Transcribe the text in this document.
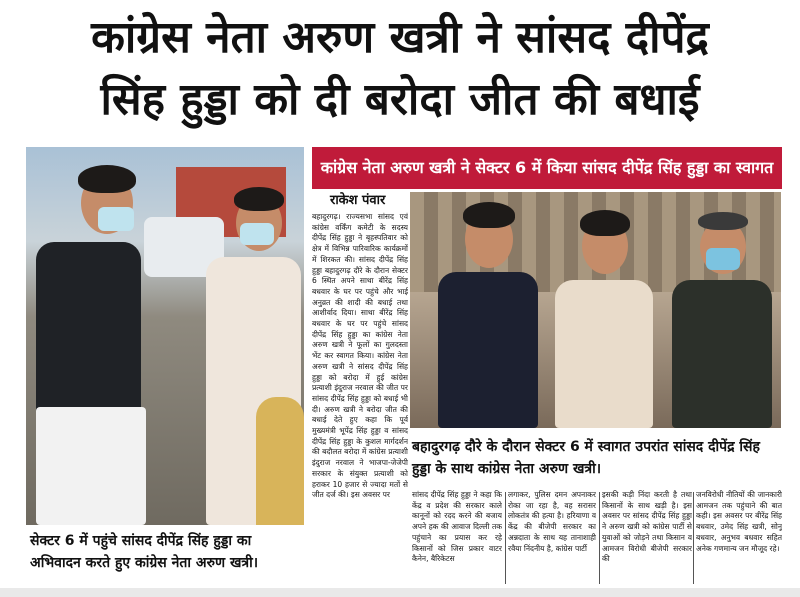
कांग्रेस नेता अरुण खत्री ने सांसद दीपेंद्र
सिंह हुड्डा को दी बरोदा जीत की बधाई
कांग्रेस नेता अरुण खत्री ने सेक्टर 6 में किया सांसद दीपेंद्र सिंह हुड्डा का स्वागत
राकेश पंवार
बहादुरगढ़। राज्यसभा सांसद एवं कांग्रेस वर्किंग कमेटी के सदस्य दीपेंद्र सिंह हुड्डा ने बृहस्पतिवार को क्षेत्र में विभिन्न पारिवारिक कार्यक्रमों में शिरकत की। सांसद दीपेंद्र सिंह हुड्डा बहादुरगढ़ दौरे के दौरान सेक्टर 6 स्थित अपने साथा बीरेंद्र सिंह बधवार के घर पर पहुंचे और भाई अनुव्रत की शादी की बधाई तथा आशीर्वाद दिया। साथा बीरेंद्र सिंह बधवार के घर पर पहुंचे सांसद दीपेंद्र सिंह हुड्डा का कांग्रेस नेता अरुण खत्री ने फूलों का गुलदस्ता भेंट कर स्वागत किया। कांग्रेस नेता अरुण खत्री ने सांसद दीपेंद्र सिंह हुड्डा को बरोदा में हुई कांग्रेस प्रत्याशी इंदुराज नरवाल की जीत पर सांसद दीपेंद्र सिंह हुड्डा को बधाई भी दी। अरुण खत्री ने बरोदा जीत की बधाई देते हुए कहा कि पूर्व मुख्यमंत्री भूपेंद्र सिंह हुड्डा व सांसद दीपेंद्र सिंह हुड्डा के कुशल मार्गदर्शन की बदौलत बरोदा में कांग्रेस प्रत्याशी इंदुराज नरवाल ने भाजपा-जेजेपी सरकार के संयुक्त प्रत्याशी को हराकर 10 हजार से ज्यादा मतों से जीत दर्ज की। इस अवसर पर
सेक्टर 6 में पहुंचे सांसद दीपेंद्र सिंह हुड्डा का अभिवादन करते हुए कांग्रेस नेता अरुण खत्री।
बहादुरगढ़ दौरे के दौरान सेक्टर 6 में स्वागत उपरांत सांसद दीपेंद्र सिंह हुड्डा के साथ कांग्रेस नेता अरुण खत्री।
सांसद दीपेंद्र सिंह हुड्डा ने कहा कि केंद्र व प्रदेश की सरकार काले कानूनों को रदद करने की बजाय अपने हक की आवाज दिल्ली तक पहुंचाने का प्रयास कर रहे किसानों को जिस प्रकार वाटर कैनेन, बैरिकेटस
लगाकर, पुलिस दमन अपनाकर रोका जा रहा है, वह सरासर लोकतंत्र की हत्या है। हरियाणा व केंद्र की बीजेपी सरकार का अन्नदाता के साथ यह तानाशाही रवैया निंदनीय है, कांग्रेस पार्टी
इसकी कड़ी निंदा करती है तथा किसानों के साथ खड़ी है। इस अवसर पर सांसद दीपेंद्र सिंह हुड्डा ने अरुण खत्री को कांग्रेस पार्टी से युवाओं को जोड़ने तथा किसान व आमजन विरोधी बीजेपी सरकार की
जनविरोधी नीतियों की जानकारी आमजन तक पहुंचाने की बात कही। इस अवसर पर बीरेंद्र सिंह बधवार, उमेद सिंह खत्री, सोनू बधवार, अनुभव बधवार सहित अनेक गणमान्य जन मौजूद रहे।
